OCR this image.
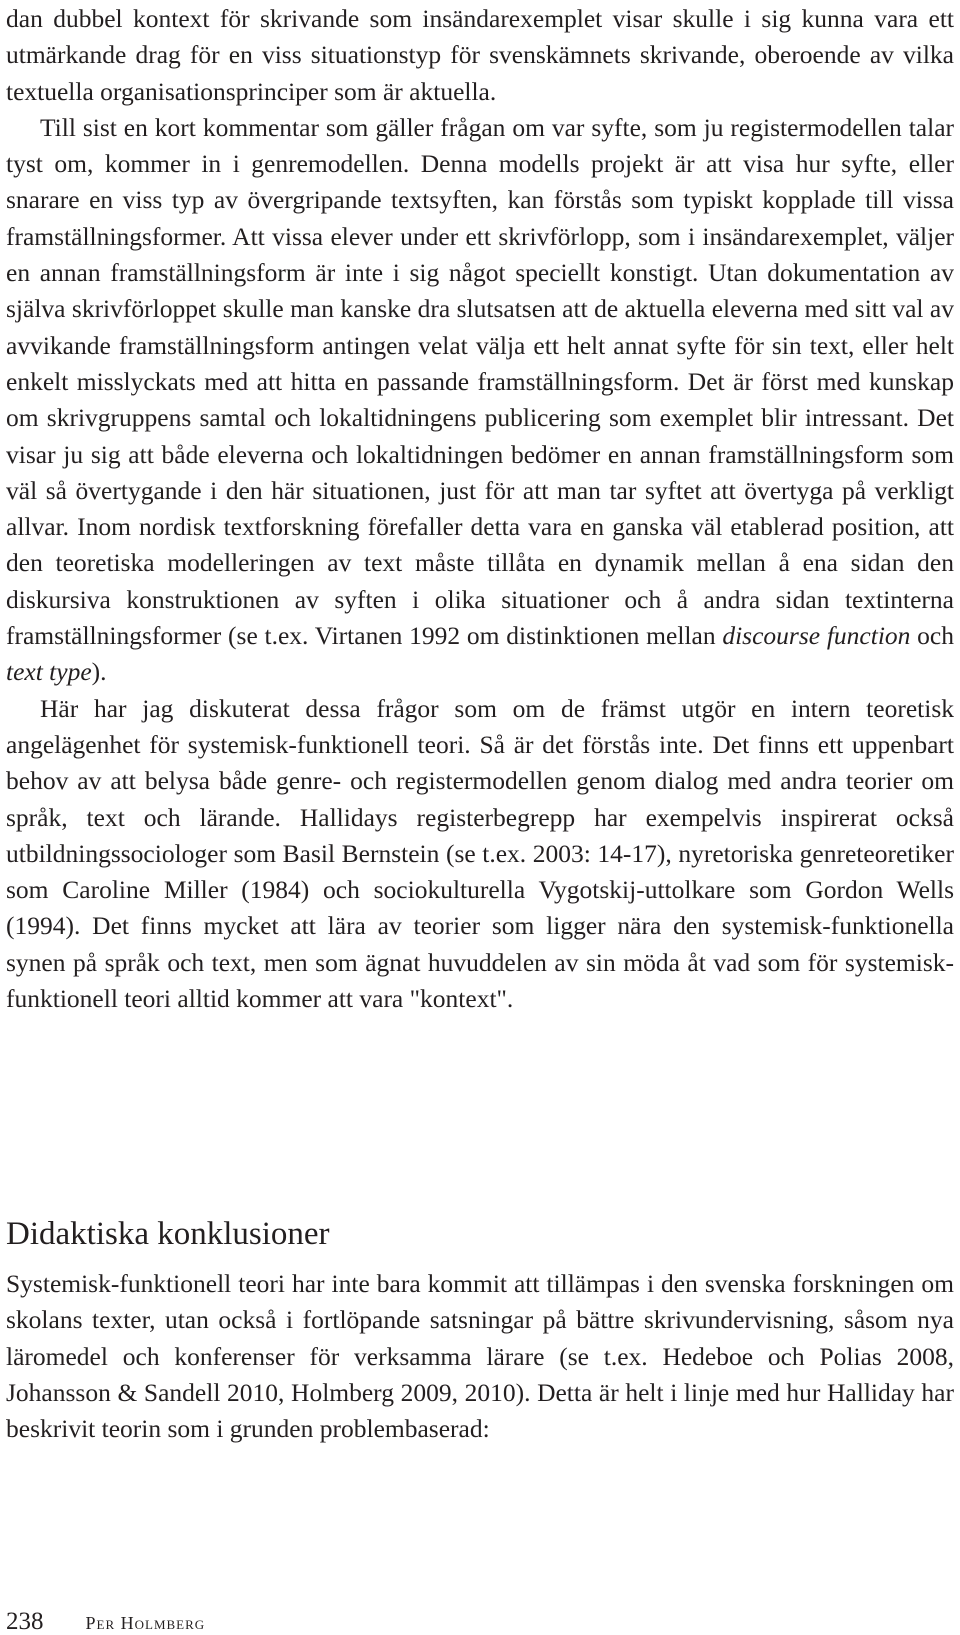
dan dubbel kontext för skrivande som insändarexemplet visar skulle i sig kunna vara ett utmärkande drag för en viss situationstyp för svenskämnets skrivande, oberoende av vilka textuella organisationsprinciper som är aktuella.

Till sist en kort kommentar som gäller frågan om var syfte, som ju registermodellen talar tyst om, kommer in i genremodellen. Denna modells projekt är att visa hur syfte, eller snarare en viss typ av övergripande textsyften, kan förstås som typiskt kopplade till vissa framställningsformer. Att vissa elever under ett skrivförlopp, som i insändarexemplet, väljer en annan framställningsform är inte i sig något speciellt konstigt. Utan dokumentation av själva skrivförloppet skulle man kanske dra slutsatsen att de aktuella eleverna med sitt val av avvikande framställningsform antingen velat välja ett helt annat syfte för sin text, eller helt enkelt misslyckats med att hitta en passande framställningsform. Det är först med kunskap om skrivgruppens samtal och lokaltidningens publicering som exemplet blir intressant. Det visar ju sig att både eleverna och lokaltidningen bedömer en annan framställningsform som väl så övertygande i den här situationen, just för att man tar syftet att övertyga på verkligt allvar. Inom nordisk textforskning förefaller detta vara en ganska väl etablerad position, att den teoretiska modelleringen av text måste tillåta en dynamik mellan å ena sidan den diskursiva konstruktionen av syften i olika situationer och å andra sidan textinterna framställningsformer (se t.ex. Virtanen 1992 om distinktionen mellan discourse function och text type).

Här har jag diskuterat dessa frågor som om de främst utgör en intern teoretisk angelägenhet för systemisk-funktionell teori. Så är det förstås inte. Det finns ett uppenbart behov av att belysa både genre- och registermodellen genom dialog med andra teorier om språk, text och lärande. Hallidays registerbegrepp har exempelvis inspirerat också utbildningssociologer som Basil Bernstein (se t.ex. 2003: 14-17), nyretoriska genreteoretiker som Caroline Miller (1984) och sociokulturella Vygotskij-uttolkare som Gordon Wells (1994). Det finns mycket att lära av teorier som ligger nära den systemisk-funktionella synen på språk och text, men som ägnat huvuddelen av sin möda åt vad som för systemisk-funktionell teori alltid kommer att vara "kontext".

Didaktiska konklusioner

Systemisk-funktionell teori har inte bara kommit att tillämpas i den svenska forskningen om skolans texter, utan också i fortlöpande satsningar på bättre skrivundervisning, såsom nya läromedel och konferenser för verksamma lärare (se t.ex. Hedeboe och Polias 2008, Johansson & Sandell 2010, Holmberg 2009, 2010). Detta är helt i linje med hur Halliday har beskrivit teorin som i grunden problembaserad:

238 Per Holmberg
